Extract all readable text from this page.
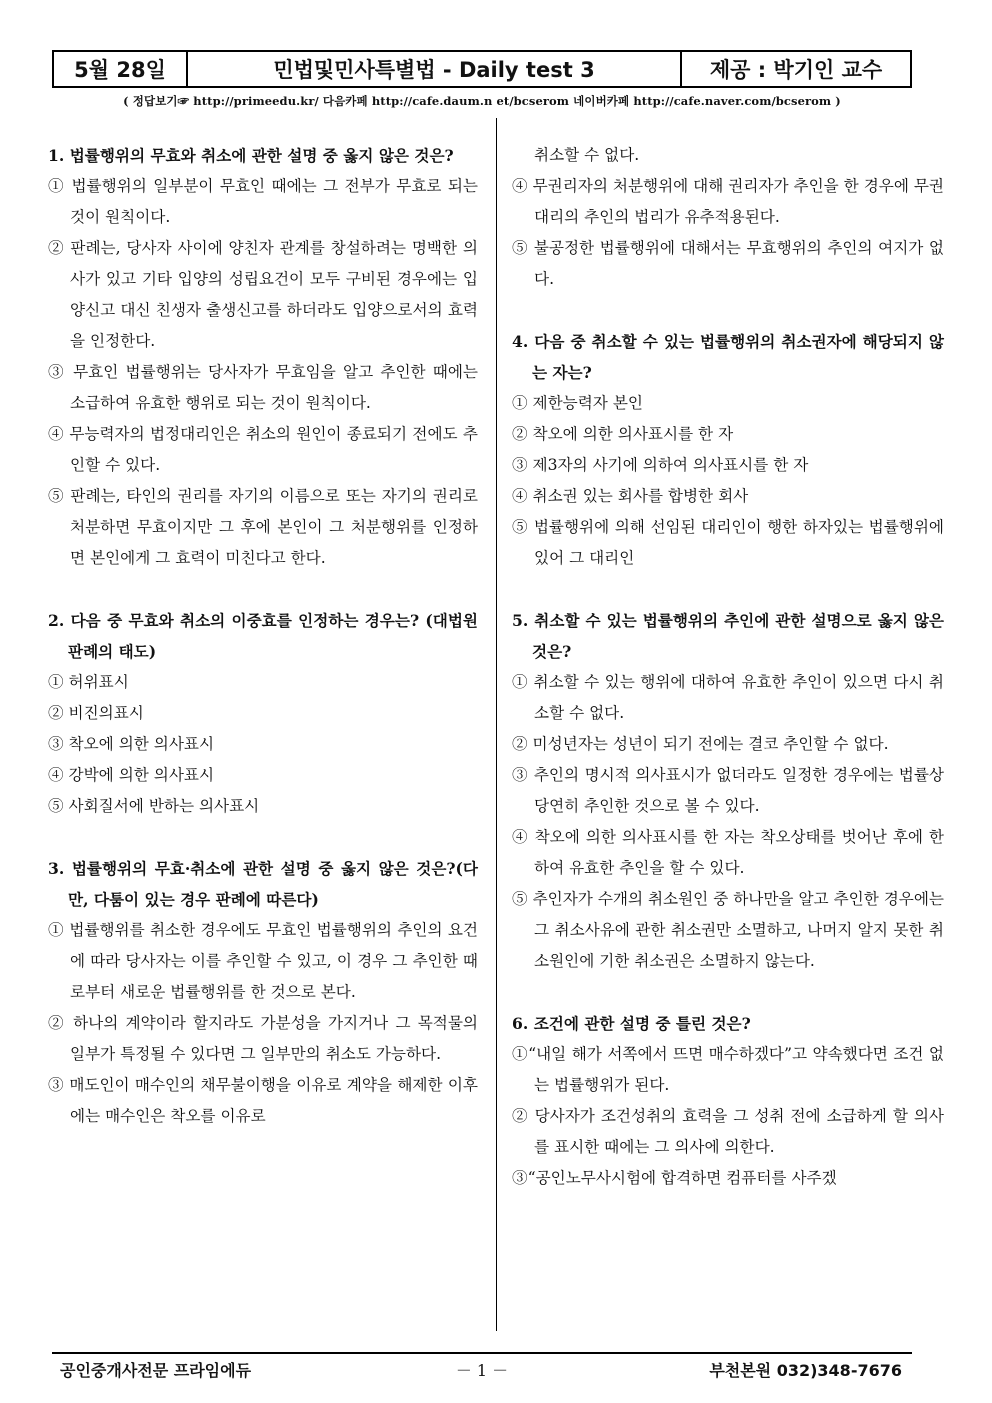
5월 28일	민법및민사특별법 - Daily test 3	제공 : 박기인 교수
( 정답보기☞ http://primeedu.kr/ 다음카페 http://cafe.daum.n et/bcserom 네이버카페 http://cafe.naver.com/bcserom )

1. 법률행위의 무효와 취소에 관한 설명 중 옳지 않은 것은?

① 법률행위의 일부분이 무효인 때에는 그 전부가 무효로 되는 것이 원칙이다.

② 판례는, 당사자 사이에 양친자 관계를 창설하려는 명백한 의사가 있고 기타 입양의 성립요건이 모두 구비된 경우에는 입양신고 대신 친생자 출생신고를 하더라도 입양으로서의 효력을 인정한다.

③ 무효인 법률행위는 당사자가 무효임을 알고 추인한 때에는 소급하여 유효한 행위로 되는 것이 원칙이다.

④ 무능력자의 법정대리인은 취소의 원인이 종료되기 전에도 추인할 수 있다.

⑤ 판례는, 타인의 권리를 자기의 이름으로 또는 자기의 권리로 처분하면 무효이지만 그 후에 본인이 그 처분행위를 인정하면 본인에게 그 효력이 미친다고 한다.

2. 다음 중 무효와 취소의 이중효를 인정하는 경우는? (대법원판례의 태도)

① 허위표시

② 비진의표시

③ 착오에 의한 의사표시

④ 강박에 의한 의사표시

⑤ 사회질서에 반하는 의사표시

3. 법률행위의 무효·취소에 관한 설명 중 옳지 않은 것은?(다만, 다툼이 있는 경우 판례에 따른다)

① 법률행위를 취소한 경우에도 무효인 법률행위의 추인의 요건에 따라 당사자는 이를 추인할 수 있고, 이 경우 그 추인한 때로부터 새로운 법률행위를 한 것으로 본다.

② 하나의 계약이라 할지라도 가분성을 가지거나 그 목적물의 일부가 특정될 수 있다면 그 일부만의 취소도 가능하다.

③ 매도인이 매수인의 채무불이행을 이유로 계약을 해제한 이후에는 매수인은 착오를 이유로

취소할 수 없다.

④ 무권리자의 처분행위에 대해 권리자가 추인을 한 경우에 무권대리의 추인의 법리가 유추적용된다.

⑤ 불공정한 법률행위에 대해서는 무효행위의 추인의 여지가 없다.

4. 다음 중 취소할 수 있는 법률행위의 취소권자에 해당되지 않는 자는?

① 제한능력자 본인

② 착오에 의한 의사표시를 한 자

③ 제3자의 사기에 의하여 의사표시를 한 자

④ 취소권 있는 회사를 합병한 회사

⑤ 법률행위에 의해 선임된 대리인이 행한 하자있는 법률행위에 있어 그 대리인

5. 취소할 수 있는 법률행위의 추인에 관한 설명으로 옳지 않은 것은?

① 취소할 수 있는 행위에 대하여 유효한 추인이 있으면 다시 취소할 수 없다.

② 미성년자는 성년이 되기 전에는 결코 추인할 수 없다.

③ 추인의 명시적 의사표시가 없더라도 일정한 경우에는 법률상 당연히 추인한 것으로 볼 수 있다.

④ 착오에 의한 의사표시를 한 자는 착오상태를 벗어난 후에 한하여 유효한 추인을 할 수 있다.

⑤ 추인자가 수개의 취소원인 중 하나만을 알고 추인한 경우에는 그 취소사유에 관한 취소권만 소멸하고, 나머지 알지 못한 취소원인에 기한 취소권은 소멸하지 않는다.

6. 조건에 관한 설명 중 틀린 것은?

①“내일 해가 서쪽에서 뜨면 매수하겠다”고 약속했다면 조건 없는 법률행위가 된다.

② 당사자가 조건성취의 효력을 그 성취 전에 소급하게 할 의사를 표시한 때에는 그 의사에 의한다.

③“공인노무사시험에 합격하면 컴퓨터를 사주겠

공인중개사전문 프라임에듀	－ 1 －	부천본원 032)348-7676
